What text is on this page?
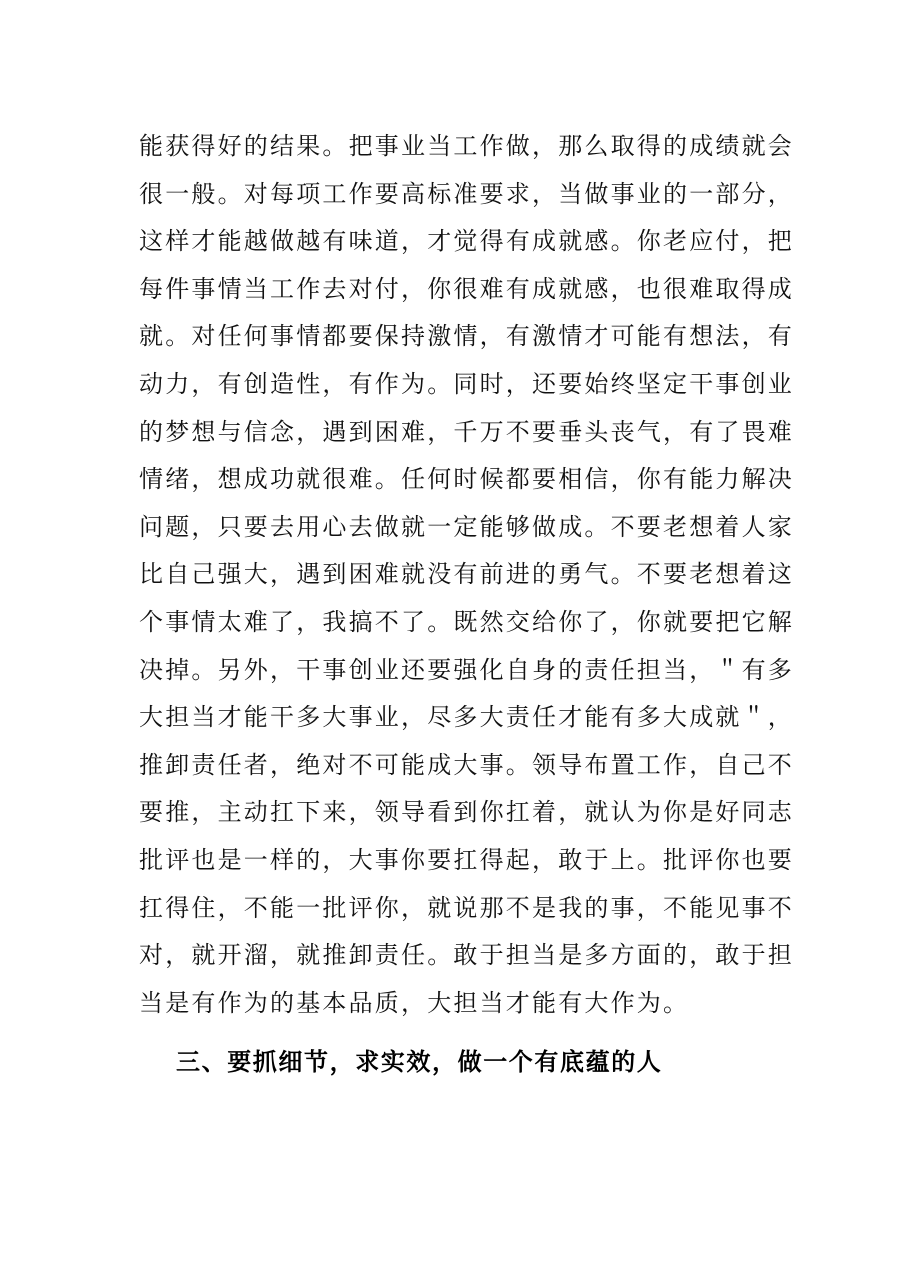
能获得好的结果。把事业当工作做，那么取得的成绩就会
很一般。对每项工作要高标准要求，当做事业的一部分，
这样才能越做越有味道，才觉得有成就感。你老应付，把
每件事情当工作去对付，你很难有成就感，也很难取得成
就。对任何事情都要保持激情，有激情才可能有想法，有
动力，有创造性，有作为。同时，还要始终坚定干事创业
的梦想与信念，遇到困难，千万不要垂头丧气，有了畏难
情绪，想成功就很难。任何时候都要相信，你有能力解决
问题，只要去用心去做就一定能够做成。不要老想着人家
比自己强大，遇到困难就没有前进的勇气。不要老想着这
个事情太难了，我搞不了。既然交给你了，你就要把它解
决掉。另外，干事创业还要强化自身的责任担当，＂有多
大担当才能干多大事业，尽多大责任才能有多大成就＂，
推卸责任者，绝对不可能成大事。领导布置工作，自己不
要推，主动扛下来，领导看到你扛着，就认为你是好同志
批评也是一样的，大事你要扛得起，敢于上。批评你也要
扛得住，不能一批评你，就说那不是我的事，不能见事不
对，就开溜，就推卸责任。敢于担当是多方面的，敢于担
当是有作为的基本品质，大担当才能有大作为。
三、要抓细节，求实效，做一个有底蕴的人
